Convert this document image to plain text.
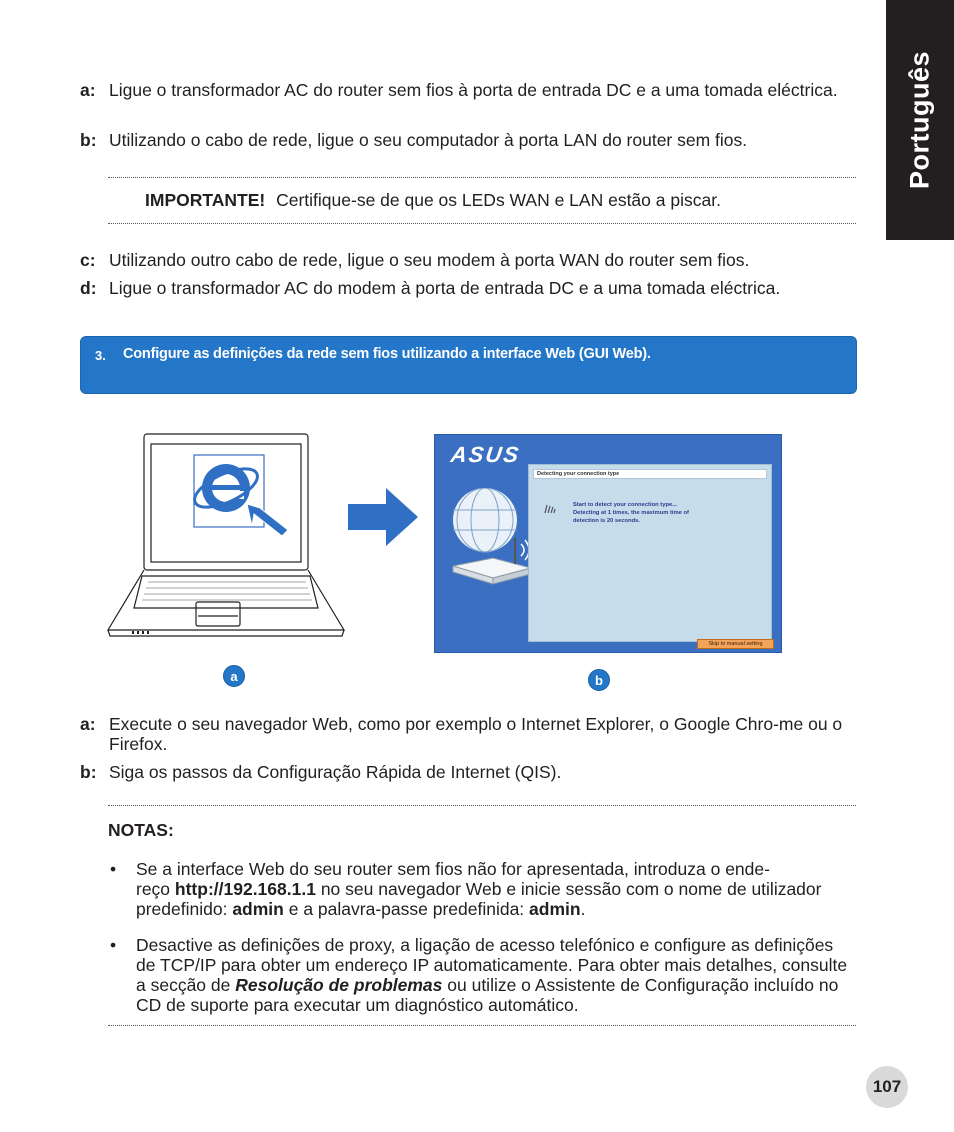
Português
a: Ligue o transformador AC do router sem fios à porta de entrada DC e a uma tomada eléctrica.
b: Utilizando o cabo de rede, ligue o seu computador à porta LAN do router sem fios.
IMPORTANTE! Certifique-se de que os LEDs WAN e LAN estão a piscar.
c: Utilizando outro cabo de rede, ligue o seu modem à porta WAN do router sem fios.
d: Ligue o transformador AC do modem à porta de entrada DC e a uma tomada eléctrica.
3. Configure as definições da rede sem fios utilizando a interface Web (GUI Web).
ASUS
Detecting your connection type
Start to detect your connection type...
Detecting at 1 times, the maximum time of
detection is 20 seconds.
Skip to manual setting
a	b
a: Execute o seu navegador Web, como por exemplo o Internet Explorer, o Google Chro-me ou o Firefox.
b: Siga os passos da Configuração Rápida de Internet (QIS).
NOTAS:
• Se a interface Web do seu router sem fios não for apresentada, introduza o ende-
reço http://192.168.1.1 no seu navegador Web e inicie sessão com o nome de utilizador predefinido: admin e a palavra-passe predefinida: admin.
• Desactive as definições de proxy, a ligação de acesso telefónico e configure as definições de TCP/IP para obter um endereço IP automaticamente. Para obter mais detalhes, consulte a secção de Resolução de problemas ou utilize o Assistente de Configuração incluído no CD de suporte para executar um diagnóstico automático.
107
